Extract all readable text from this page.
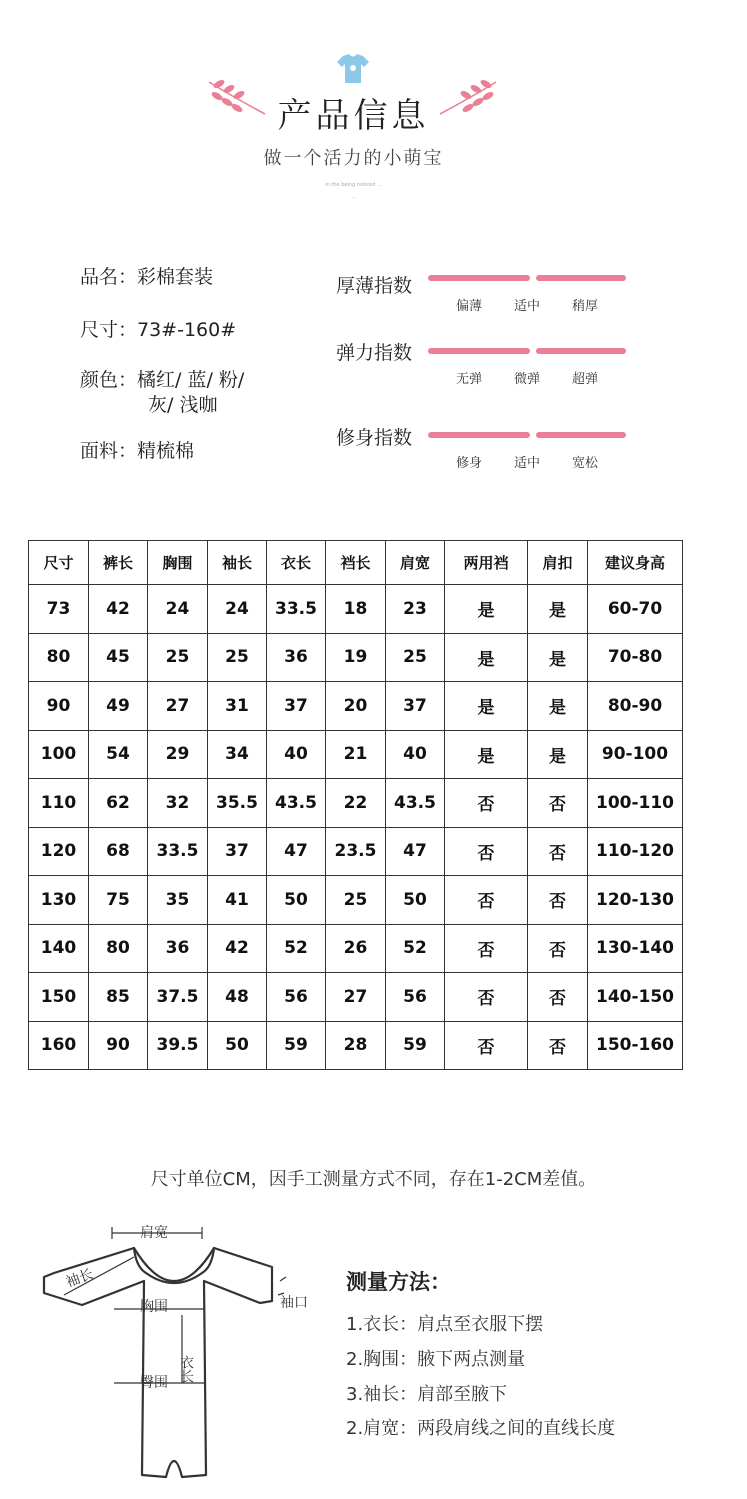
产品信息
做一个活力的小萌宝
in the being noticed ...
...
品名：彩棉套装
尺寸：73#-160#
颜色：橘红/ 蓝/ 粉/
灰/ 浅咖
面料：精梳棉
厚薄指数
偏薄	适中	稍厚
弹力指数
无弹	微弹	超弹
修身指数
修身	适中	宽松
尺寸	裤长	胸围	袖长	衣长	裆长	肩宽	两用裆	肩扣	建议身高
73	42	24	24	33.5	18	23	是	是	60-70
80	45	25	25	36	19	25	是	是	70-80
90	49	27	31	37	20	37	是	是	80-90
100	54	29	34	40	21	40	是	是	90-100
110	62	32	35.5	43.5	22	43.5	否	否	100-110
120	68	33.5	37	47	23.5	47	否	否	110-120
130	75	35	41	50	25	50	否	否	120-130
140	80	36	42	52	26	52	否	否	130-140
150	85	37.5	48	56	27	56	否	否	140-150
160	90	39.5	50	59	28	59	否	否	150-160
尺寸单位CM，因手工测量方式不同，存在1-2CM差值。
肩宽
袖长
胸围	袖口
衣长
臀围
测量方法：
1.衣长：肩点至衣服下摆
2.胸围：腋下两点测量
3.袖长：肩部至腋下
2.肩宽：两段肩线之间的直线长度
